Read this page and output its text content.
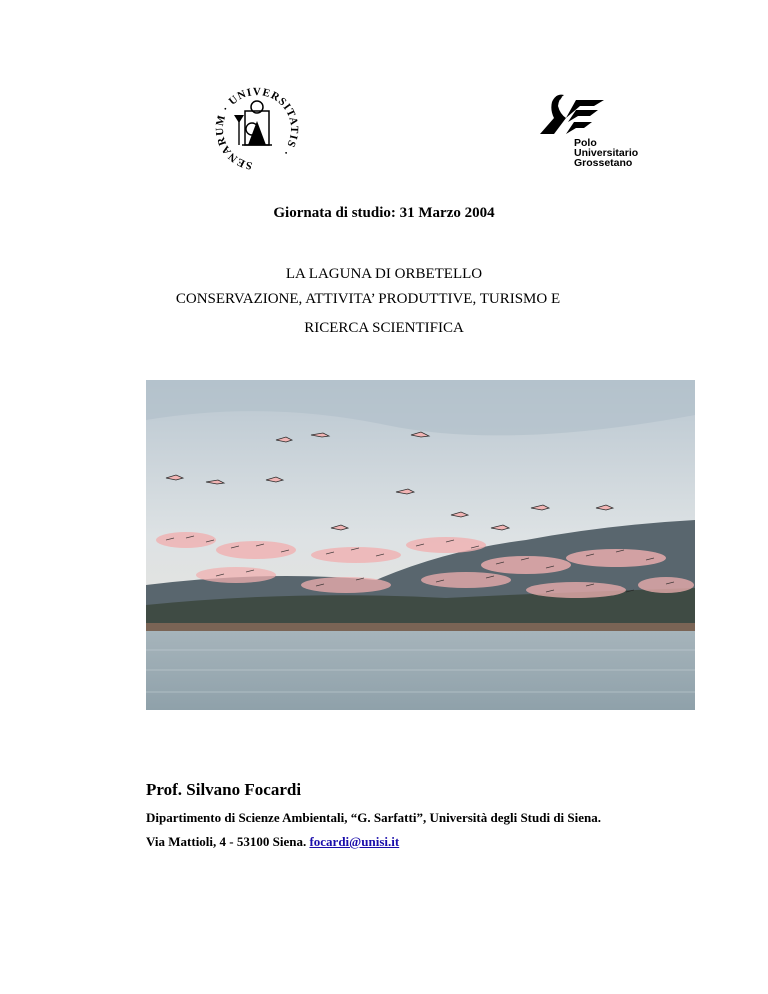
SENARUM · UNIVERSITATIS ·
Polo
Universitario
Grossetano
Giornata di studio: 31 Marzo 2004
LA LAGUNA DI ORBETELLO
CONSERVAZIONE, ATTIVITA’ PRODUTTIVE, TURISMO E
RICERCA SCIENTIFICA
Prof. Silvano Focardi
Dipartimento di Scienze Ambientali, “G. Sarfatti”, Università degli Studi di Siena.
Via Mattioli, 4 - 53100 Siena. focardi@unisi.it
